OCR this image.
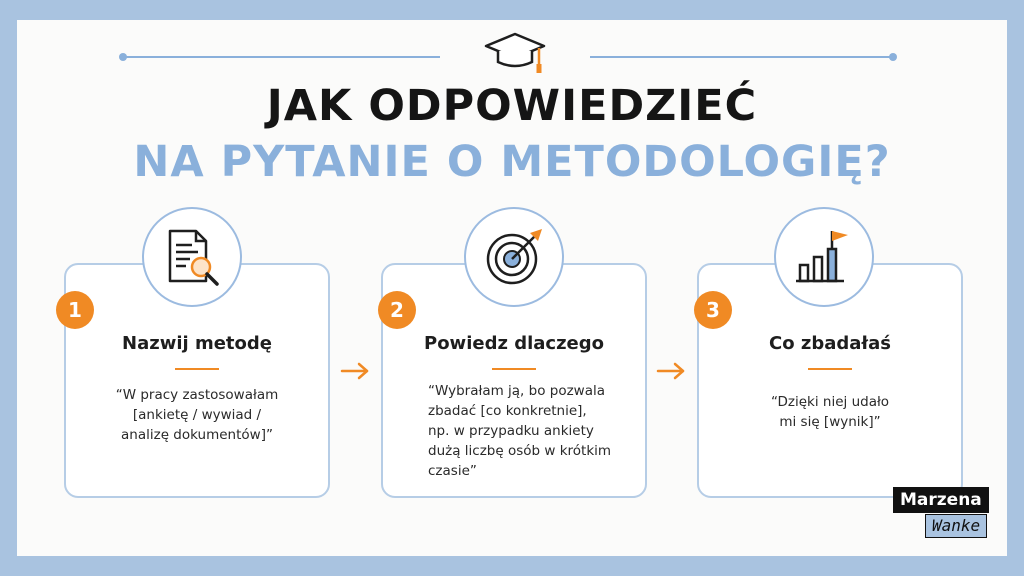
JAK ODPOWIEDZIEĆ
NA PYTANIE O METODOLOGIĘ?
1	2	3
Nazwij metodę	Powiedz dlaczego	Co zbadałaś
“W pracy zastosowałam
[ankietę / wywiad /
analizę dokumentów]”
“Wybrałam ją, bo pozwala
zbadać [co konkretnie],
np. w przypadku ankiety
dużą liczbę osób w krótkim
czasie”
“Dzięki niej udało
mi się [wynik]”
Marzena
Wanke
